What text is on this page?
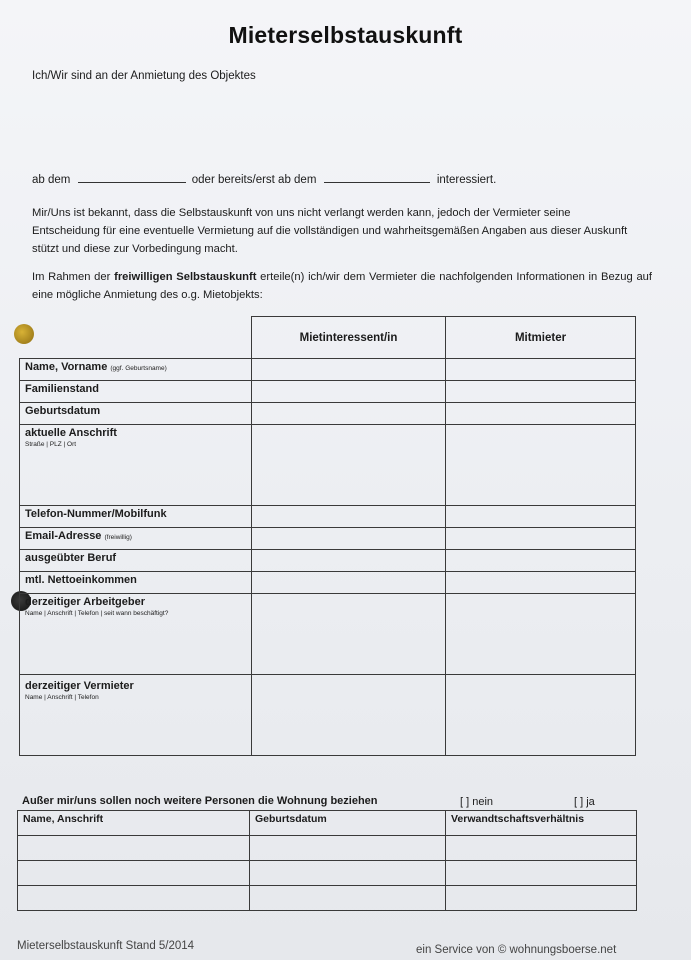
Mieterselbstauskunft
Ich/Wir sind an der Anmietung des Objektes
ab dem	oder bereits/erst ab dem	interessiert.
Mir/Uns ist bekannt, dass die Selbstauskunft von uns nicht verlangt werden kann, jedoch der Vermieter seine Entscheidung für eine eventuelle Vermietung auf die vollständigen und wahrheitsgemäßen Angaben aus dieser Auskunft stützt und diese zur Vorbedingung macht.
Im Rahmen der freiwilligen Selbstauskunft erteile(n) ich/wir dem Vermieter die nachfolgenden Informationen in Bezug auf eine mögliche Anmietung des o.g. Mietobjekts:
	Mietinteressent/in	Mitmieter
Name, Vorname (ggf. Geburtsname)		
Familienstand		
Geburtsdatum		
aktuelle Anschrift
Straße | PLZ | Ort		

Telefon-Nummer/Mobilfunk		
Email-Adresse (freiwillig)		
ausgeübter Beruf		
mtl. Nettoeinkommen		
derzeitiger Arbeitgeber
Name | Anschrift | Telefon | seit wann beschäftigt?		

derzeitiger Vermieter
Name | Anschrift | Telefon		

Außer mir/uns sollen noch weitere Personen die Wohnung beziehen	[ ] nein	[ ] ja
Name, Anschrift	Geburtsdatum	Verwandtschaftsverhältnis

Mieterselbstauskunft Stand 5/2014	ein Service von © wohnungsboerse.net
